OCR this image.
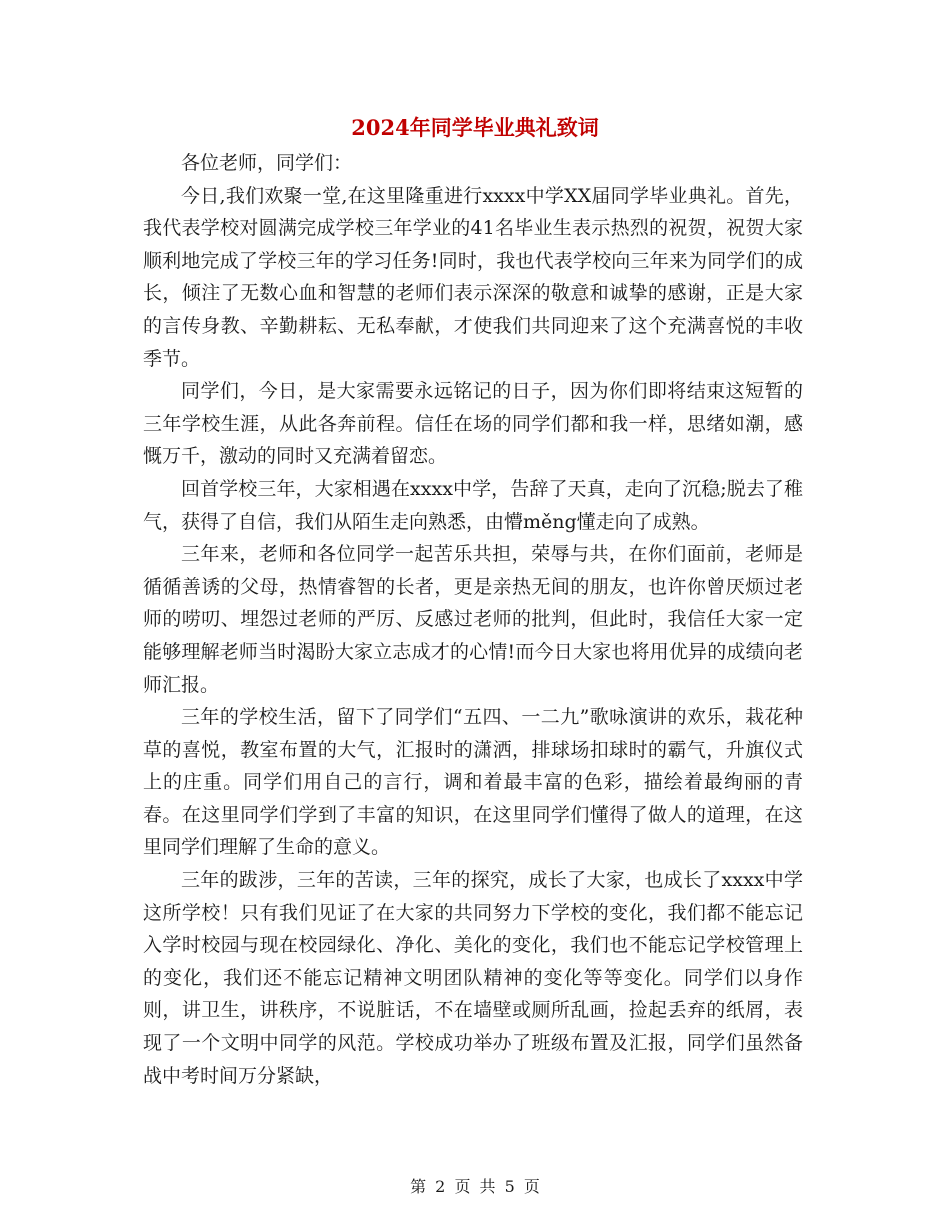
2024年同学毕业典礼致词

各位老师，同学们：

今日,我们欢聚一堂,在这里隆重进行xxxx中学XX届同学毕业典礼。首先，我代表学校对圆满完成学校三年学业的41名毕业生表示热烈的祝贺，祝贺大家顺利地完成了学校三年的学习任务!同时，我也代表学校向三年来为同学们的成长，倾注了无数心血和智慧的老师们表示深深的敬意和诚挚的感谢，正是大家的言传身教、辛勤耕耘、无私奉献，才使我们共同迎来了这个充满喜悦的丰收季节。

同学们，今日，是大家需要永远铭记的日子，因为你们即将结束这短暂的三年学校生涯，从此各奔前程。信任在场的同学们都和我一样，思绪如潮，感慨万千，激动的同时又充满着留恋。

回首学校三年，大家相遇在xxxx中学，告辞了天真，走向了沉稳;脱去了稚气，获得了自信，我们从陌生走向熟悉，由懵měng懂走向了成熟。

三年来，老师和各位同学一起苦乐共担，荣辱与共，在你们面前，老师是循循善诱的父母，热情睿智的长者，更是亲热无间的朋友，也许你曾厌烦过老师的唠叨、埋怨过老师的严厉、反感过老师的批判，但此时，我信任大家一定能够理解老师当时渴盼大家立志成才的心情!而今日大家也将用优异的成绩向老师汇报。

三年的学校生活，留下了同学们“五四、一二九”歌咏演讲的欢乐，栽花种草的喜悦，教室布置的大气，汇报时的潇洒，排球场扣球时的霸气，升旗仪式上的庄重。同学们用自己的言行，调和着最丰富的色彩，描绘着最绚丽的青春。在这里同学们学到了丰富的知识，在这里同学们懂得了做人的道理，在这里同学们理解了生命的意义。

三年的跋涉，三年的苦读，三年的探究，成长了大家，也成长了xxxx中学这所学校！只有我们见证了在大家的共同努力下学校的变化，我们都不能忘记入学时校园与现在校园绿化、净化、美化的变化，我们也不能忘记学校管理上的变化，我们还不能忘记精神文明团队精神的变化等等变化。同学们以身作则，讲卫生，讲秩序，不说脏话，不在墙壁或厕所乱画，捡起丢弃的纸屑，表现了一个文明中同学的风范。学校成功举办了班级布置及汇报，同学们虽然备战中考时间万分紧缺，

第 2 页 共 5 页
